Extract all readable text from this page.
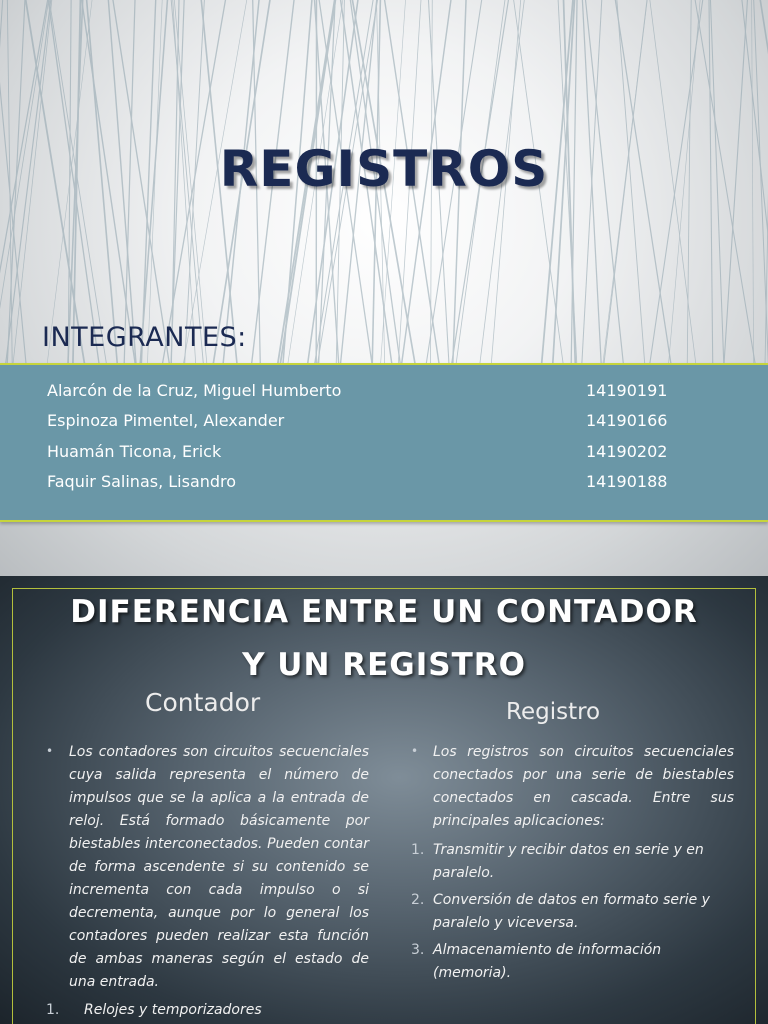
REGISTROS
INTEGRANTES:
Alarcón de la Cruz, Miguel Humberto	14190191
Espinoza Pimentel, Alexander	14190166
Huamán Ticona, Erick	14190202
Faquir Salinas, Lisandro	14190188
DIFERENCIA ENTRE UN CONTADOR
Y UN REGISTRO
Contador
• Los contadores son circuitos secuenciales cuya salida representa el número de impulsos que se la aplica a la entrada de reloj. Está formado básicamente por biestables interconectados. Pueden contar de forma ascendente si su contenido se incrementa con cada impulso o si decrementa, aunque por lo general los contadores pueden realizar esta función de ambas maneras según el estado de una entrada.

1. Relojes y temporizadores
Registro
• Los registros son circuitos secuenciales conectados por una serie de biestables conectados en cascada. Entre sus principales aplicaciones:

1. Transmitir y recibir datos en serie y en paralelo.
2. Conversión de datos en formato serie y paralelo y viceversa.
3. Almacenamiento de información (memoria).
